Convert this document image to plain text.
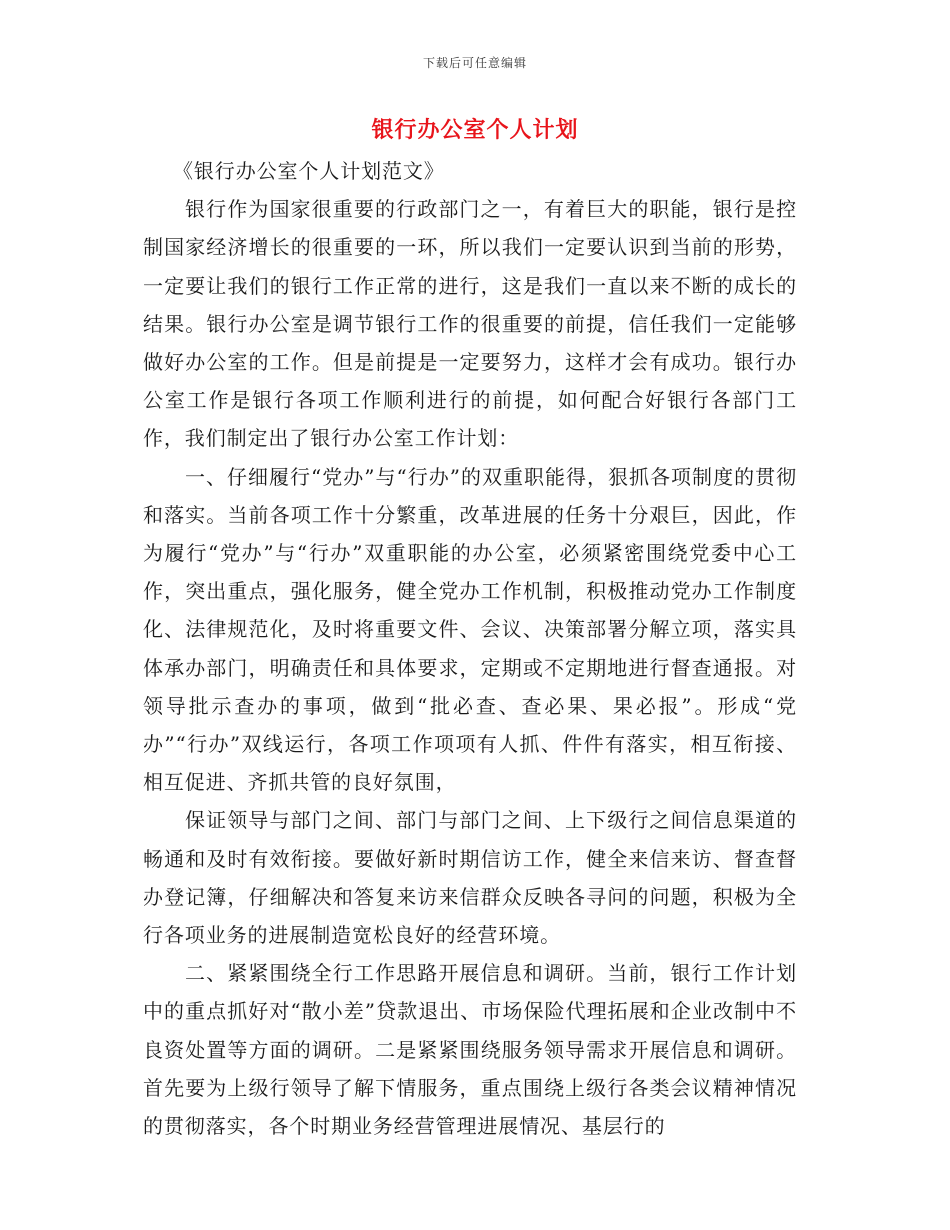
下载后可任意编辑
银行办公室个人计划

《银行办公室个人计划范文》

银行作为国家很重要的行政部门之一，有着巨大的职能，银行是控制国家经济增长的很重要的一环，所以我们一定要认识到当前的形势，一定要让我们的银行工作正常的进行，这是我们一直以来不断的成长的结果。银行办公室是调节银行工作的很重要的前提，信任我们一定能够做好办公室的工作。但是前提是一定要努力，这样才会有成功。银行办公室工作是银行各项工作顺利进行的前提，如何配合好银行各部门工作，我们制定出了银行办公室工作计划：

一、仔细履行“党办”与“行办”的双重职能得，狠抓各项制度的贯彻和落实。当前各项工作十分繁重，改革进展的任务十分艰巨，因此，作为履行“党办”与“行办”双重职能的办公室，必须紧密围绕党委中心工作，突出重点，强化服务，健全党办工作机制，积极推动党办工作制度化、法律规范化，及时将重要文件、会议、决策部署分解立项，落实具体承办部门，明确责任和具体要求，定期或不定期地进行督查通报。对领导批示查办的事项，做到“批必查、查必果、果必报”。形成“党办”“行办”双线运行，各项工作项项有人抓、件件有落实，相互衔接、相互促进、齐抓共管的良好氛围，

保证领导与部门之间、部门与部门之间、上下级行之间信息渠道的畅通和及时有效衔接。要做好新时期信访工作，健全来信来访、督查督办登记簿，仔细解决和答复来访来信群众反映各寻问的问题，积极为全行各项业务的进展制造宽松良好的经营环境。

二、紧紧围绕全行工作思路开展信息和调研。当前，银行工作计划中的重点抓好对“散小差”贷款退出、市场保险代理拓展和企业改制中不良资处置等方面的调研。二是紧紧围绕服务领导需求开展信息和调研。首先要为上级行领导了解下情服务，重点围绕上级行各类会议精神情况的贯彻落实，各个时期业务经营管理进展情况、基层行的
